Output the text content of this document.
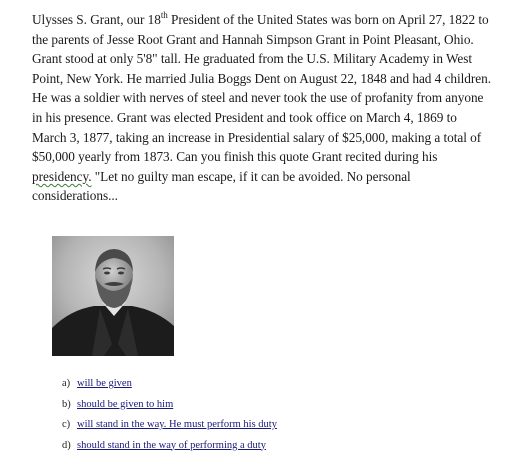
Ulysses S. Grant, our 18th President of the United States was born on April 27, 1822 to the parents of Jesse Root Grant and Hannah Simpson Grant in Point Pleasant, Ohio. Grant stood at only 5'8" tall. He graduated from the U.S. Military Academy in West Point, New York. He married Julia Boggs Dent on August 22, 1848 and had 4 children. He was a soldier with nerves of steel and never took the use of profanity from anyone in his presence. Grant was elected President and took office on March 4, 1869 to March 3, 1877, taking an increase in Presidential salary of $25,000, making a total of $50,000 yearly from 1873. Can you finish this quote Grant recited during his presidency. "Let no guilty man escape, if it can be avoided. No personal considerations...
a) will be given
b) should be given to him
c) will stand in the way. He must perform his duty
d) should stand in the way of performing a duty
